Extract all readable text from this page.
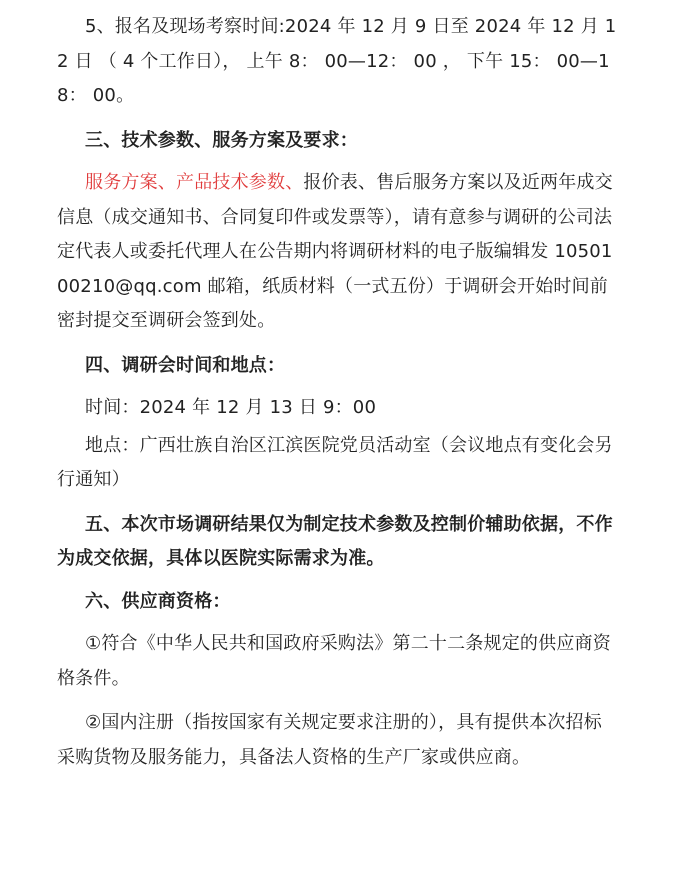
5、报名及现场考察时间:2024 年 12 月 9 日至 2024 年 12 月 12 日 （ 4 个工作日）， 上午 8： 00—12： 00 ， 下午 15： 00—18： 00。

三、技术参数、服务方案及要求：

服务方案、产品技术参数、报价表、售后服务方案以及近两年成交信息（成交通知书、合同复印件或发票等），请有意参与调研的公司法定代表人或委托代理人在公告期内将调研材料的电子版编辑发 1050100210@qq.com 邮箱，纸质材料（一式五份）于调研会开始时间前密封提交至调研会签到处。

四、调研会时间和地点：

时间：2024 年 12 月 13 日 9：00

地点：广西壮族自治区江滨医院党员活动室（会议地点有变化会另行通知）

五、本次市场调研结果仅为制定技术参数及控制价辅助依据，不作为成交依据，具体以医院实际需求为准。

六、供应商资格：

①符合《中华人民共和国政府采购法》第二十二条规定的供应商资格条件。

②国内注册（指按国家有关规定要求注册的），具有提供本次招标采购货物及服务能力，具备法人资格的生产厂家或供应商。
